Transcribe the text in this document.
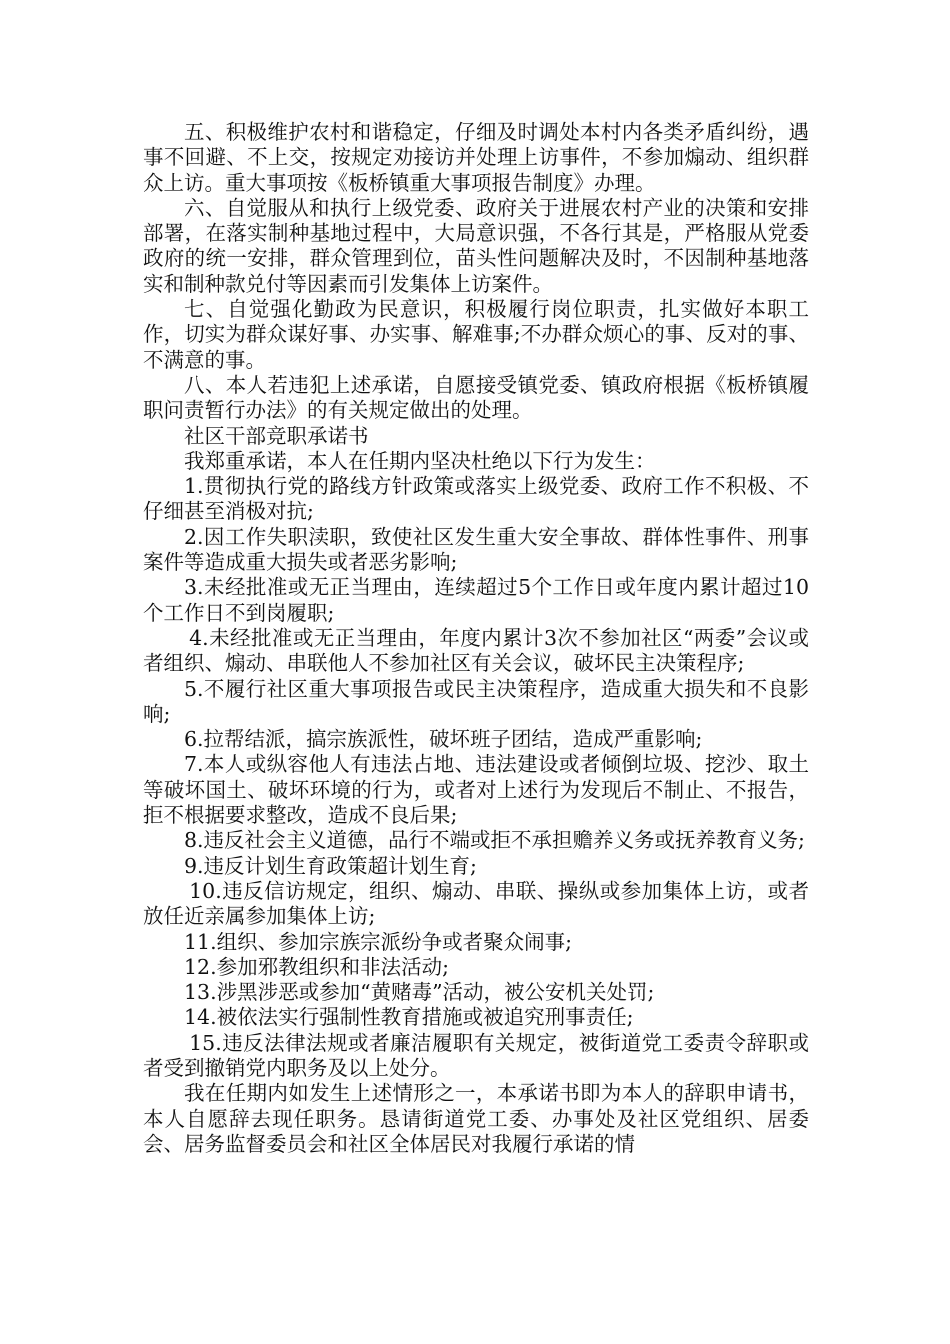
五、积极维护农村和谐稳定，仔细及时调处本村内各类矛盾纠纷，遇事不回避、不上交，按规定劝接访并处理上访事件，不参加煽动、组织群众上访。重大事项按《板桥镇重大事项报告制度》办理。

六、自觉服从和执行上级党委、政府关于进展农村产业的决策和安排部署，在落实制种基地过程中，大局意识强，不各行其是，严格服从党委政府的统一安排，群众管理到位，苗头性问题解决及时，不因制种基地落实和制种款兑付等因素而引发集体上访案件。

七、自觉强化勤政为民意识，积极履行岗位职责，扎实做好本职工作，切实为群众谋好事、办实事、解难事;不办群众烦心的事、反对的事、不满意的事。

八、本人若违犯上述承诺，自愿接受镇党委、镇政府根据《板桥镇履职问责暂行办法》的有关规定做出的处理。

社区干部竞职承诺书

我郑重承诺，本人在任期内坚决杜绝以下行为发生：

1.贯彻执行党的路线方针政策或落实上级党委、政府工作不积极、不仔细甚至消极对抗;

2.因工作失职渎职，致使社区发生重大安全事故、群体性事件、刑事案件等造成重大损失或者恶劣影响;

3.未经批准或无正当理由，连续超过5个工作日或年度内累计超过10个工作日不到岗履职;

4.未经批准或无正当理由，年度内累计3次不参加社区“两委”会议或者组织、煽动、串联他人不参加社区有关会议，破坏民主决策程序;

5.不履行社区重大事项报告或民主决策程序，造成重大损失和不良影响;

6.拉帮结派，搞宗族派性，破坏班子团结，造成严重影响;

7.本人或纵容他人有违法占地、违法建设或者倾倒垃圾、挖沙、取土等破坏国土、破坏环境的行为，或者对上述行为发现后不制止、不报告，拒不根据要求整改，造成不良后果;

8.违反社会主义道德，品行不端或拒不承担赡养义务或抚养教育义务;

9.违反计划生育政策超计划生育;

10.违反信访规定，组织、煽动、串联、操纵或参加集体上访，或者放任近亲属参加集体上访;

11.组织、参加宗族宗派纷争或者聚众闹事;

12.参加邪教组织和非法活动;

13.涉黑涉恶或参加“黄赌毒”活动，被公安机关处罚;

14.被依法实行强制性教育措施或被追究刑事责任;

15.违反法律法规或者廉洁履职有关规定，被街道党工委责令辞职或者受到撤销党内职务及以上处分。

我在任期内如发生上述情形之一，本承诺书即为本人的辞职申请书，本人自愿辞去现任职务。恳请街道党工委、办事处及社区党组织、居委会、居务监督委员会和社区全体居民对我履行承诺的情
